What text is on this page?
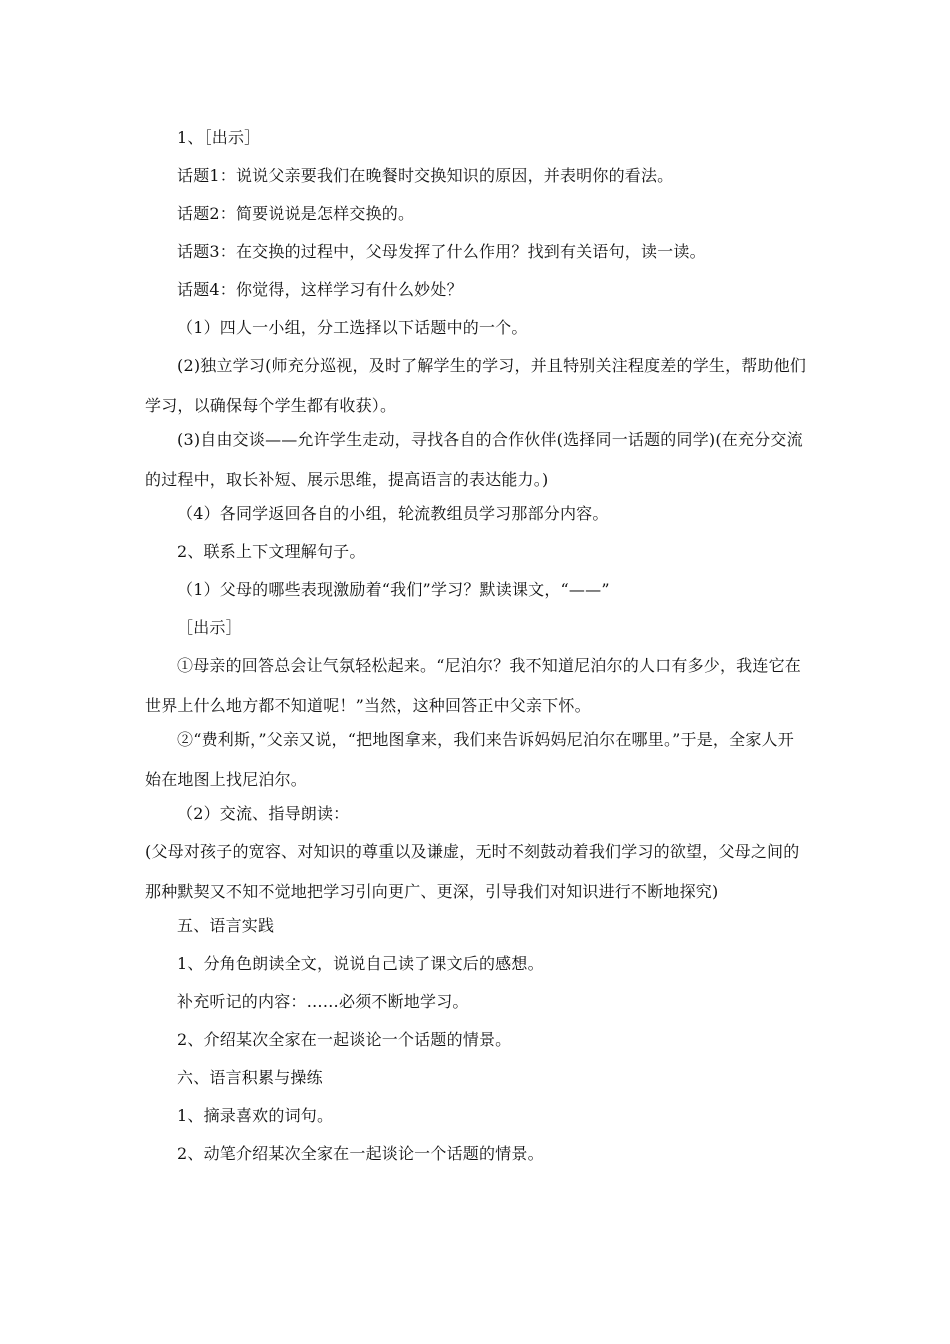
1、［出示］

话题1：说说父亲要我们在晚餐时交换知识的原因，并表明你的看法。

话题2：简要说说是怎样交换的。

话题3：在交换的过程中，父母发挥了什么作用？找到有关语句，读一读。

话题4：你觉得，这样学习有什么妙处？

（1）四人一小组，分工选择以下话题中的一个。

(2)独立学习(师充分巡视，及时了解学生的学习，并且特别关注程度差的学生，帮助他们学习，以确保每个学生都有收获）。

(3)自由交谈——允许学生走动，寻找各自的合作伙伴(选择同一话题的同学)(在充分交流的过程中，取长补短、展示思维，提高语言的表达能力。)

（4）各同学返回各自的小组，轮流教组员学习那部分内容。

2、联系上下文理解句子。

（1）父母的哪些表现激励着“我们”学习？默读课文，“——”

［出示］

①母亲的回答总会让气氛轻松起来。“尼泊尔？我不知道尼泊尔的人口有多少，我连它在世界上什么地方都不知道呢！”当然，这种回答正中父亲下怀。

②“费利斯，”父亲又说，“把地图拿来，我们来告诉妈妈尼泊尔在哪里。”于是，全家人开始在地图上找尼泊尔。

（2）交流、指导朗读：

(父母对孩子的宽容、对知识的尊重以及谦虚，无时不刻鼓动着我们学习的欲望，父母之间的那种默契又不知不觉地把学习引向更广、更深，引导我们对知识进行不断地探究)

五、语言实践

1、分角色朗读全文，说说自己读了课文后的感想。

补充听记的内容：……必须不断地学习。

2、介绍某次全家在一起谈论一个话题的情景。

六、语言积累与操练

1、摘录喜欢的词句。

2、动笔介绍某次全家在一起谈论一个话题的情景。
